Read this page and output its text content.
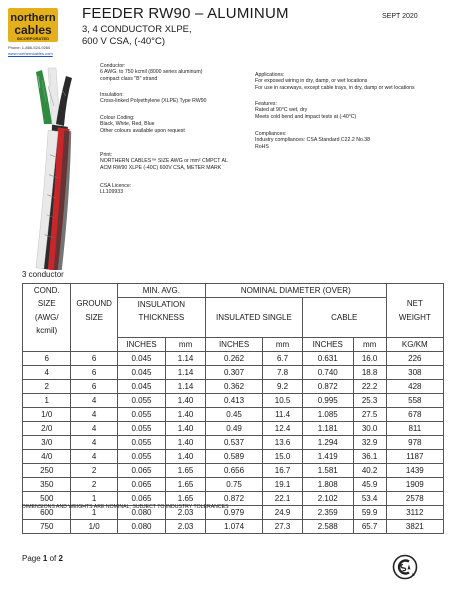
northern
cables
INCORPORATED
Phone: 1-866-524-9260
www.northerncables.com
FEEDER RW90 – ALUMINUM	SEPT 2020
3, 4 CONDUCTOR XLPE,
600 V CSA, (-40°C)
Conductor:
6 AWG. to 750 kcmil (8000 series aluminum)
compact class "B" strand
Insulation:
Cross-linked Polyethylene (XLPE) Type RW90
Colour Coding:
Black, White, Red, Blue
Other colours available upon request
Print:
NORTHERN CABLES™ SIZE AWG or mm² CMPCT AL
ACM RW90 XLPE (-40C) 600V CSA, METER MARK
CSA Licence:
LL109933
Applications:
For exposed wiring in dry, damp, or wet locations
For use in raceways, except cable trays, in dry, damp or wet locations
Features:
Rated at 90°C wet, dry
Meets cold bend and impact tests at (-40°C)
Compliances:
Industry compliances: CSA Standard C22.2 No.38
RoHS
3 conductor
COND.		MIN. AVG.		NOMINAL DIAMETER (OVER)				
SIZE	GROUND	INSULATION						NET
(AWG/	SIZE	THICKNESS		INSULATED SINGLE		CABLE		WEIGHT
kcmil)								
		INCHES	mm	INCHES	mm	INCHES	mm	KG/KM
6	6	0.045	1.14	0.262	6.7	0.631	16.0	226
4	6	0.045	1.14	0.307	7.8	0.740	18.8	308
2	6	0.045	1.14	0.362	9.2	0.872	22.2	428
1	4	0.055	1.40	0.413	10.5	0.995	25.3	558
1/0	4	0.055	1.40	0.45	11.4	1.085	27.5	678
2/0	4	0.055	1.40	0.49	12.4	1.181	30.0	811
3/0	4	0.055	1.40	0.537	13.6	1.294	32.9	978
4/0	4	0.055	1.40	0.589	15.0	1.419	36.1	1187
250	2	0.065	1.65	0.656	16.7	1.581	40.2	1439
350	2	0.065	1.65	0.75	19.1	1.808	45.9	1909
500	1	0.065	1.65	0.872	22.1	2.102	53.4	2578
600	1	0.080	2.03	0.979	24.9	2.359	59.9	3112
750	1/0	0.080	2.03	1.074	27.3	2.588	65.7	3821
DIMENSIONS AND WEIGHTS ARE NOMINAL; SUBJECT TO INDUSTRY TOLERANCES
Page 1 of 2
